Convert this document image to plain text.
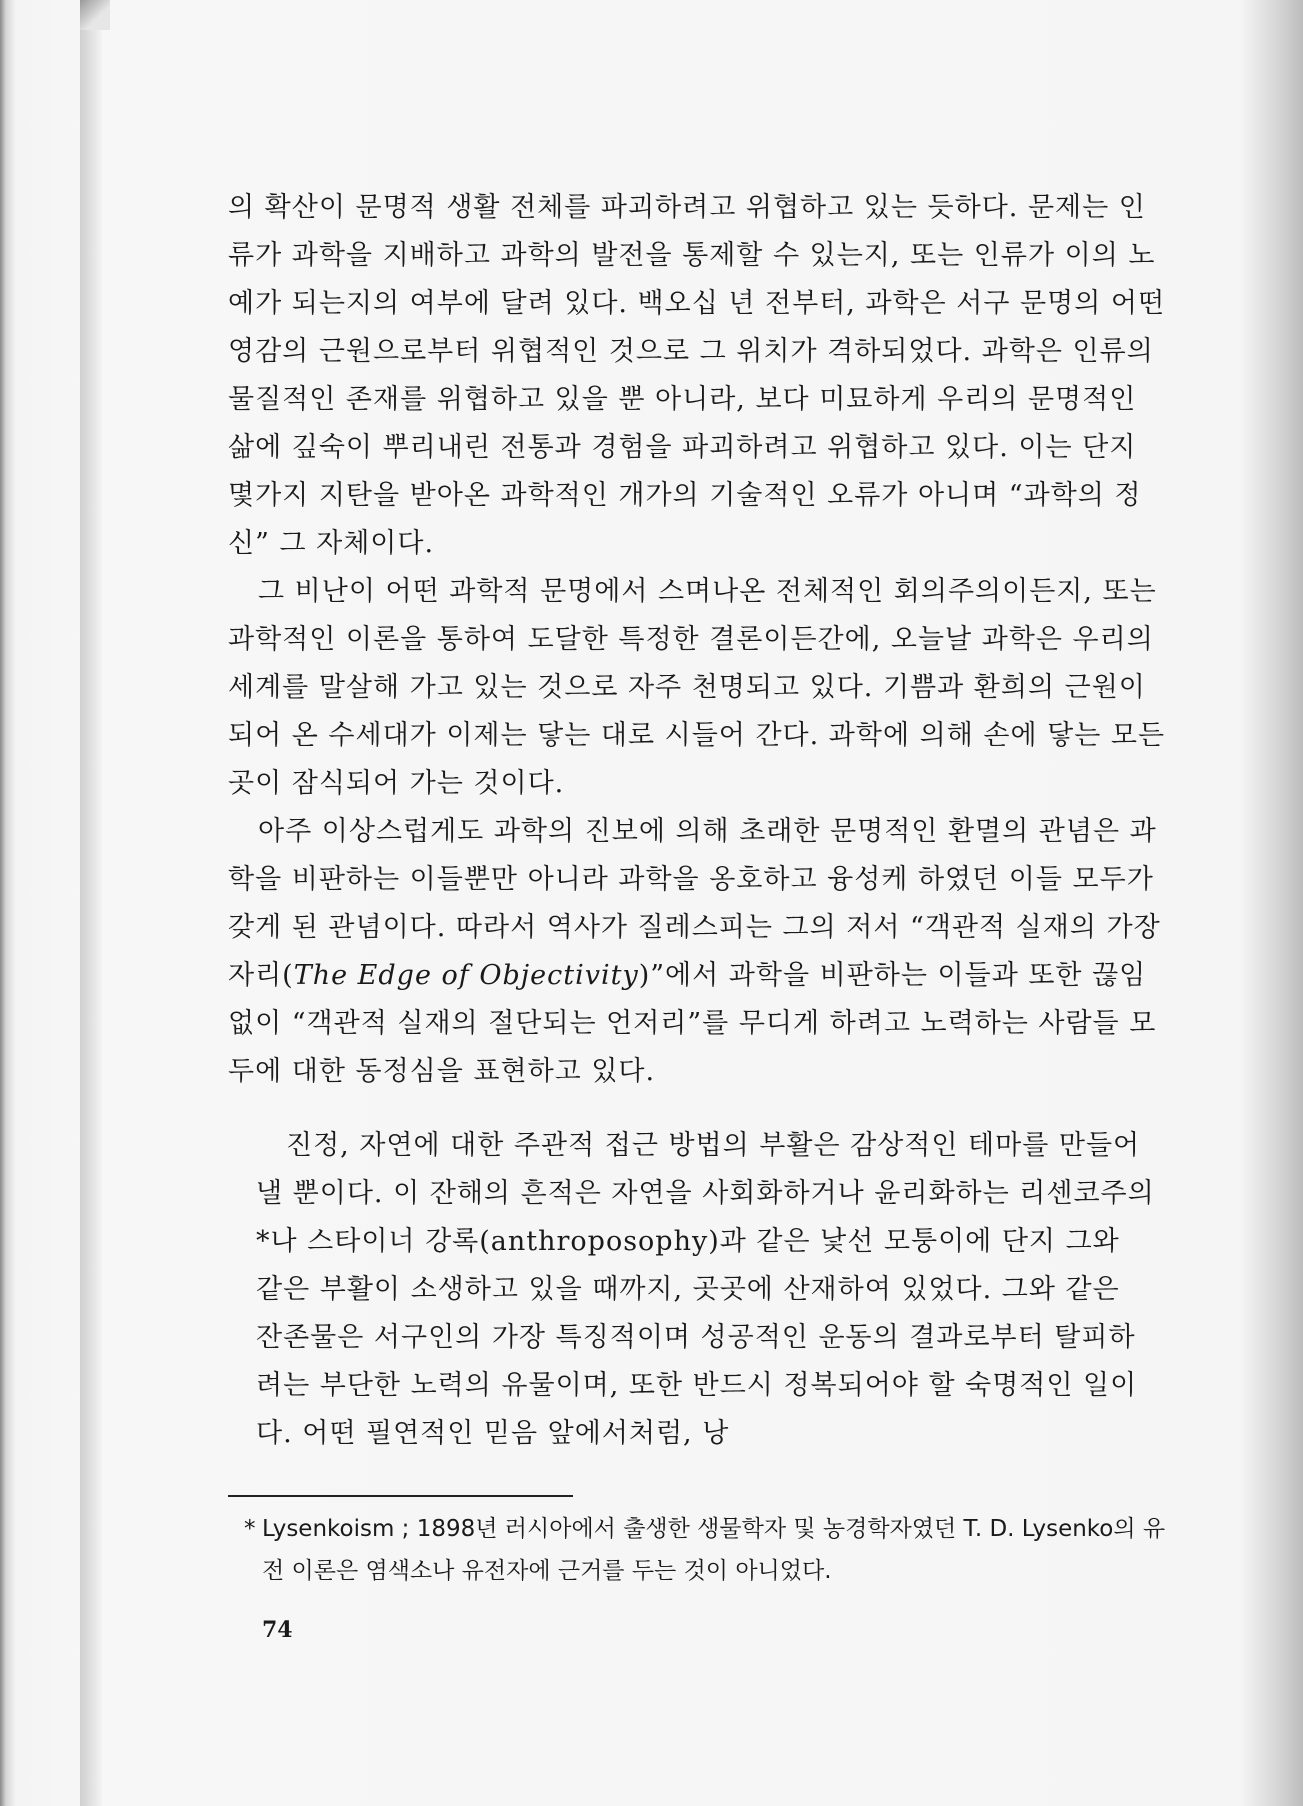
의 확산이 문명적 생활 전체를 파괴하려고 위협하고 있는 듯하다. 문제는 인류가 과학을 지배하고 과학의 발전을 통제할 수 있는지, 또는 인류가 이의 노예가 되는지의 여부에 달려 있다. 백오십 년 전부터, 과학은 서구 문명의 어떤 영감의 근원으로부터 위협적인 것으로 그 위치가 격하되었다. 과학은 인류의 물질적인 존재를 위협하고 있을 뿐 아니라, 보다 미묘하게 우리의 문명적인 삶에 깊숙이 뿌리내린 전통과 경험을 파괴하려고 위협하고 있다. 이는 단지 몇가지 지탄을 받아온 과학적인 개가의 기술적인 오류가 아니며 “과학의 정신” 그 자체이다.

그 비난이 어떤 과학적 문명에서 스며나온 전체적인 회의주의이든지, 또는 과학적인 이론을 통하여 도달한 특정한 결론이든간에, 오늘날 과학은 우리의 세계를 말살해 가고 있는 것으로 자주 천명되고 있다. 기쁨과 환희의 근원이 되어 온 수세대가 이제는 닿는 대로 시들어 간다. 과학에 의해 손에 닿는 모든 곳이 잠식되어 가는 것이다.

아주 이상스럽게도 과학의 진보에 의해 초래한 문명적인 환멸의 관념은 과학을 비판하는 이들뿐만 아니라 과학을 옹호하고 융성케 하였던 이들 모두가 갖게 된 관념이다. 따라서 역사가 질레스피는 그의 저서 “객관적 실재의 가장자리(The Edge of Objectivity)”에서 과학을 비판하는 이들과 또한 끊임없이 “객관적 실재의 절단되는 언저리”를 무디게 하려고 노력하는 사람들 모두에 대한 동정심을 표현하고 있다.

진정, 자연에 대한 주관적 접근 방법의 부활은 감상적인 테마를 만들어낼 뿐이다. 이 잔해의 흔적은 자연을 사회화하거나 윤리화하는 리센코주의*나 스타이너 강록(anthroposophy)과 같은 낯선 모퉁이에 단지 그와 같은 부활이 소생하고 있을 때까지, 곳곳에 산재하여 있었다. 그와 같은 잔존물은 서구인의 가장 특징적이며 성공적인 운동의 결과로부터 탈피하려는 부단한 노력의 유물이며, 또한 반드시 정복되어야 할 숙명적인 일이다. 어떤 필연적인 믿음 앞에서처럼, 낭

* Lysenkoism ; 1898년 러시아에서 출생한 생물학자 및 농경학자였던 T. D. Lysenko의 유전 이론은 염색소나 유전자에 근거를 두는 것이 아니었다.
74
